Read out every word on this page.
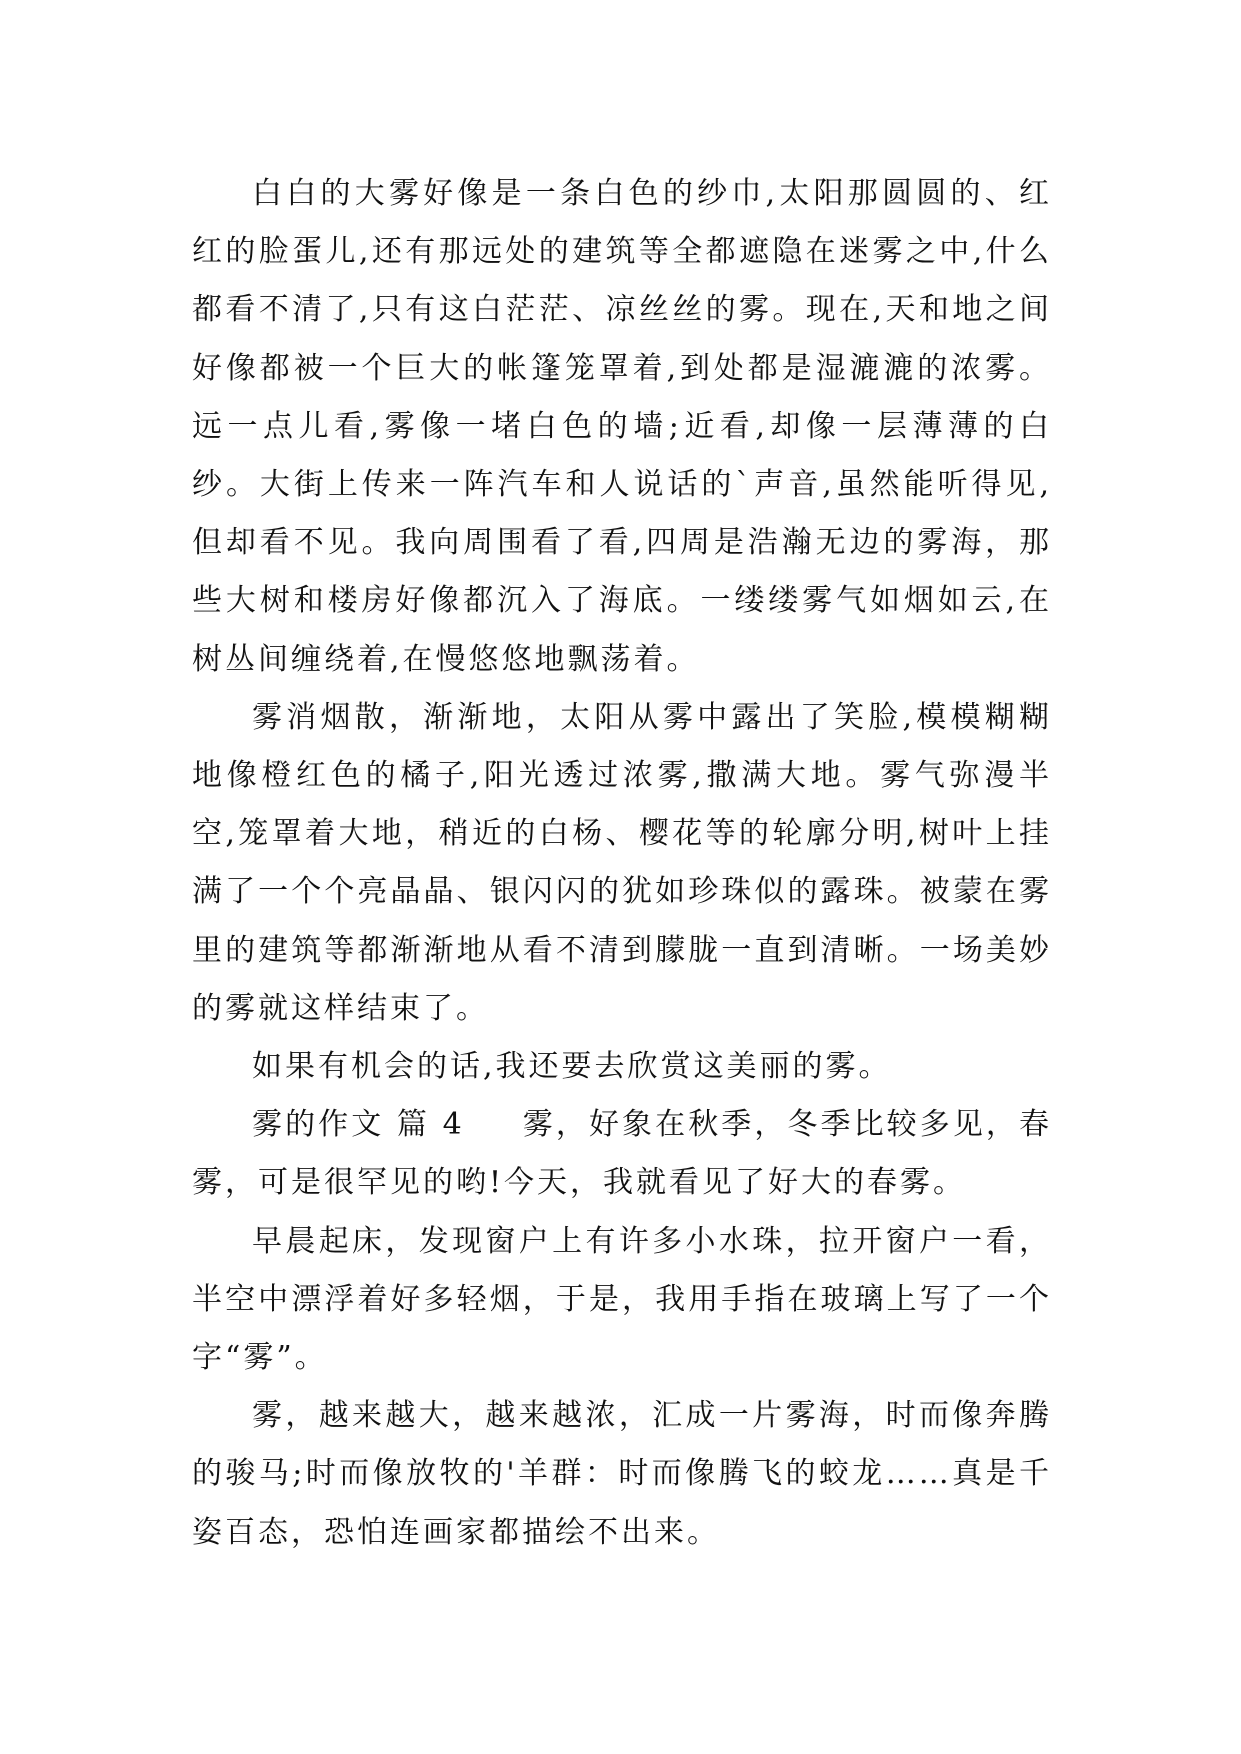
白白的大雾好像是一条白色的纱巾,太阳那圆圆的、红红的脸蛋儿,还有那远处的建筑等全都遮隐在迷雾之中,什么都看不清了,只有这白茫茫、凉丝丝的雾。现在,天和地之间好像都被一个巨大的帐篷笼罩着,到处都是湿漉漉的浓雾。远一点儿看,雾像一堵白色的墙;近看,却像一层薄薄的白纱。大街上传来一阵汽车和人说话的`声音,虽然能听得见,但却看不见。我向周围看了看,四周是浩瀚无边的雾海，那些大树和楼房好像都沉入了海底。一缕缕雾气如烟如云,在树丛间缠绕着,在慢悠悠地飘荡着。

雾消烟散，渐渐地，太阳从雾中露出了笑脸,模模糊糊地像橙红色的橘子,阳光透过浓雾,撒满大地。雾气弥漫半空,笼罩着大地，稍近的白杨、樱花等的轮廓分明,树叶上挂满了一个个亮晶晶、银闪闪的犹如珍珠似的露珠。被蒙在雾里的建筑等都渐渐地从看不清到朦胧一直到清晰。一场美妙的雾就这样结束了。

如果有机会的话,我还要去欣赏这美丽的雾。

雾的作文 篇 4 雾，好象在秋季，冬季比较多见，春雾，可是很罕见的哟!今天，我就看见了好大的春雾。

早晨起床，发现窗户上有许多小水珠，拉开窗户一看，半空中漂浮着好多轻烟，于是，我用手指在玻璃上写了一个字“雾”。

雾，越来越大，越来越浓，汇成一片雾海，时而像奔腾的骏马;时而像放牧的'羊群：时而像腾飞的蛟龙……真是千姿百态，恐怕连画家都描绘不出来。
